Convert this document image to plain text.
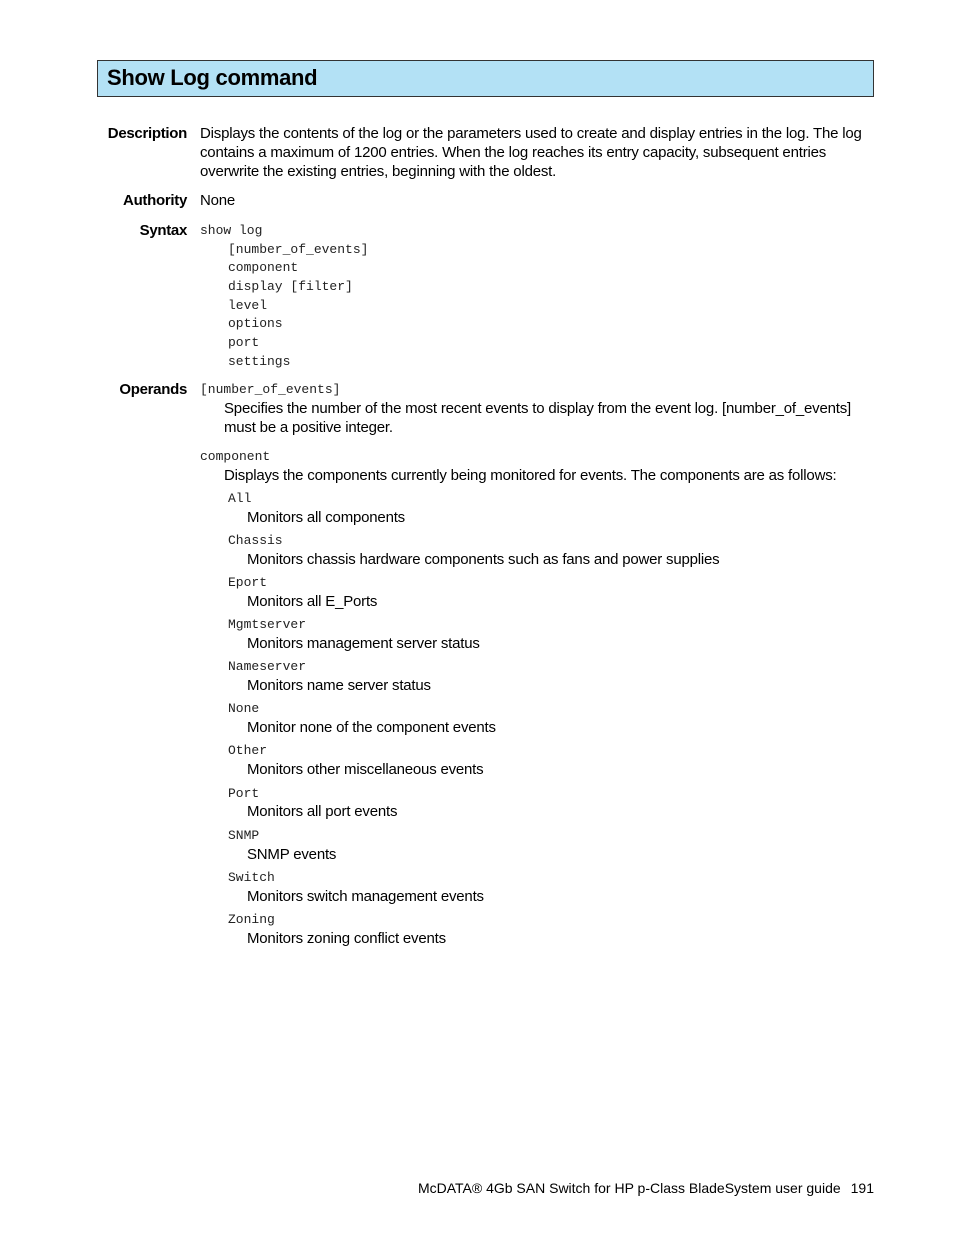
Show Log command
Description Displays the contents of the log or the parameters used to create and display entries in the log. The log contains a maximum of 1200 entries. When the log reaches its entry capacity, subsequent entries overwrite the existing entries, beginning with the oldest.
Authority None
Syntax show log
[number_of_events]
component
display [filter]
level
options
port
settings
Operands [number_of_events]
Specifies the number of the most recent events to display from the event log. [number_of_events] must be a positive integer.
component
Displays the components currently being monitored for events. The components are as follows:
All
Monitors all components
Chassis
Monitors chassis hardware components such as fans and power supplies
Eport
Monitors all E_Ports
Mgmtserver
Monitors management server status
Nameserver
Monitors name server status
None
Monitor none of the component events
Other
Monitors other miscellaneous events
Port
Monitors all port events
SNMP
SNMP events
Switch
Monitors switch management events
Zoning
Monitors zoning conflict events
McDATA® 4Gb SAN Switch for HP p-Class BladeSystem user guide 191
